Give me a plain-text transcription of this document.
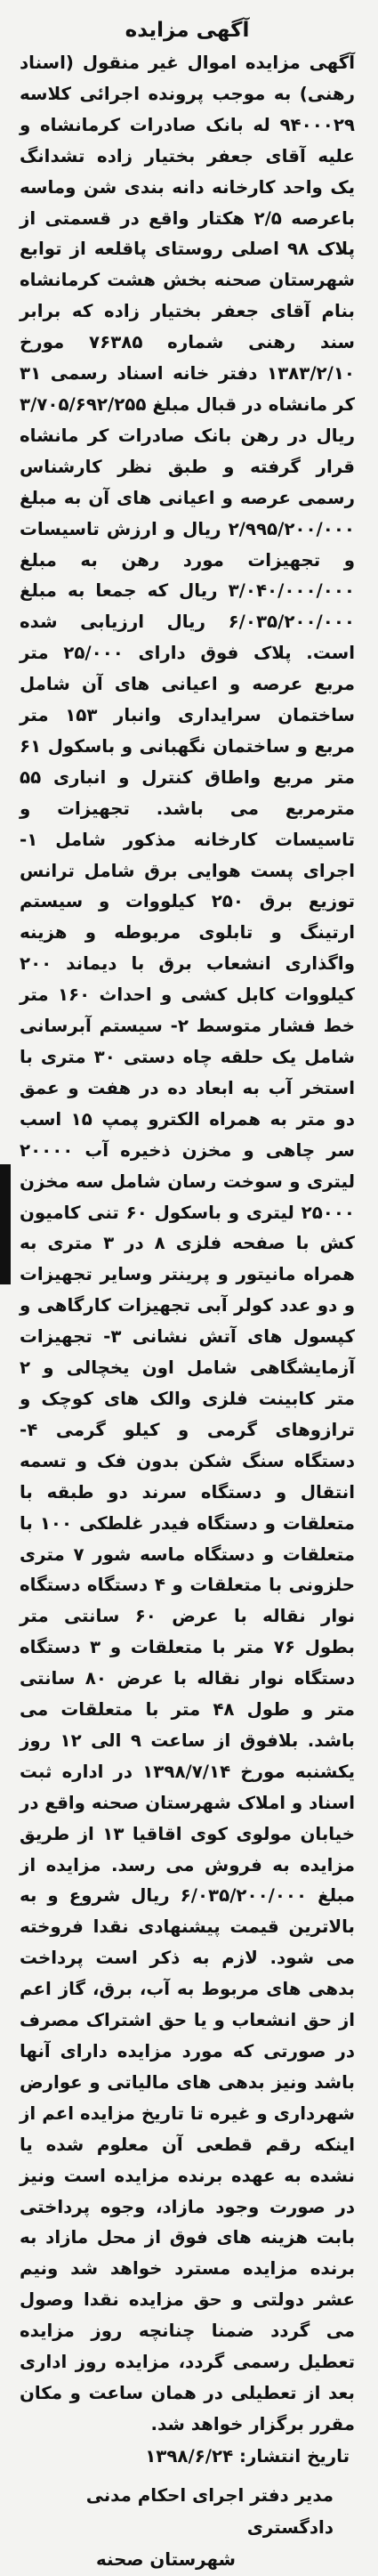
آگهی مزایده

آگهی مزایده اموال غیر منقول (اسناد رهنی) به موجب پرونده اجرائی کلاسه ۹۴۰۰۰۲۹ له بانک صادرات کرمانشاه و علیه آقای جعفر بختیار زاده تشدانگ یک واحد کارخانه دانه بندی شن وماسه باعرصه ۲/۵ هکتار واقع در قسمتی از پلاک ۹۸ اصلی روستای پاقلعه از توابع شهرستان صحنه بخش هشت کرمانشاه بنام آقای جعفر بختیار زاده که برابر سند رهنی شماره ۷۶۳۸۵ مورخ ۱۳۸۳/۲/۱۰ دفتر خانه اسناد رسمی ۳۱ کر مانشاه در قبال مبلغ ۳/۷۰۵/۶۹۲/۲۵۵ ریال در رهن بانک صادرات کر مانشاه قرار گرفته و طبق نظر کارشناس رسمی عرصه و اعیانی های آن به مبلغ ۲/۹۹۵/۲۰۰/۰۰۰ ریال و ارزش تاسیسات و تجهیزات مورد رهن به مبلغ ۳/۰۴۰/۰۰۰/۰۰۰ ریال که جمعا به مبلغ ۶/۰۳۵/۲۰۰/۰۰۰ ریال ارزیابی شده است. پلاک فوق دارای ۲۵/۰۰۰ متر مربع عرصه و اعیانی های آن شامل ساختمان سرایداری وانبار ۱۵۳ متر مربع و ساختمان نگهبانی و باسکول ۶۱ متر مربع واطاق کنترل و انباری ۵۵ مترمربع می باشد. تجهیزات و تاسیسات کارخانه مذکور شامل ۱- اجرای پست هوایی برق شامل ترانس توزیع برق ۲۵۰ کیلووات و سیستم ارتینگ و تابلوی مربوطه و هزینه واگذاری انشعاب برق با دیماند ۲۰۰ کیلووات کابل کشی و احداث ۱۶۰ متر خط فشار متوسط ۲- سیستم آبرسانی شامل یک حلقه چاه دستی ۳۰ متری با استخر آب به ابعاد ده در هفت و عمق دو متر به همراه الکترو پمپ ۱۵ اسب سر چاهی و مخزن ذخیره آب ۲۰۰۰۰ لیتری و سوخت رسان شامل سه مخزن ۲۵۰۰۰ لیتری و باسکول ۶۰ تنی کامیون کش با صفحه فلزی ۸ در ۳ متری به همراه مانیتور و پرینتر وسایر تجهیزات و دو عدد کولر آبی تجهیزات کارگاهی و کپسول های آتش نشانی ۳- تجهیزات آزمایشگاهی شامل اون یخچالی و ۲ متر کابینت فلزی والک های کوچک و ترازوهای گرمی و کیلو گرمی ۴- دستگاه سنگ شکن بدون فک و تسمه انتقال و دستگاه سرند دو طبقه با متعلقات و دستگاه فیدر غلطکی ۱۰۰ با متعلقات و دستگاه ماسه شور ۷ متری حلزونی با متعلقات و ۴ دستگاه دستگاه نوار نقاله با عرض ۶۰ سانتی متر بطول ۷۶ متر با متعلقات و ۳ دستگاه دستگاه نوار نقاله با عرض ۸۰ سانتی متر و طول ۴۸ متر با متعلقات می باشد. بلافوق از ساعت ۹ الی ۱۲ روز یکشنبه مورخ ۱۳۹۸/۷/۱۴ در اداره ثبت اسناد و املاک شهرستان صحنه واقع در خیابان مولوی کوی اقاقیا ۱۳ از طریق مزایده به فروش می رسد. مزایده از مبلغ ۶/۰۳۵/۲۰۰/۰۰۰ ریال شروع و به بالاترین قیمت پیشنهادی نقدا فروخته می شود. لازم به ذکر است پرداخت بدهی های مربوط به آب، برق، گاز اعم از حق انشعاب و یا حق اشتراک مصرف در صورتی که مورد مزایده دارای آنها باشد ونیز بدهی های مالیاتی و عوارض شهرداری و غیره تا تاریخ مزایده اعم از اینکه رقم قطعی آن معلوم شده یا نشده به عهده برنده مزایده است ونیز در صورت وجود مازاد، وجوه پرداختی بابت هزینه های فوق از محل مازاد به برنده مزایده مسترد خواهد شد ونیم عشر دولتی و حق مزایده نقدا وصول می گردد ضمنا چنانچه روز مزایده تعطیل رسمی گردد، مزایده روز اداری بعد از تعطیلی در همان ساعت و مکان مقرر برگزار خواهد شد.

تاریخ انتشار: ۱۳۹۸/۶/۲۴
مدیر دفتر اجرای احکام مدنی دادگستری
شهرستان صحنه
